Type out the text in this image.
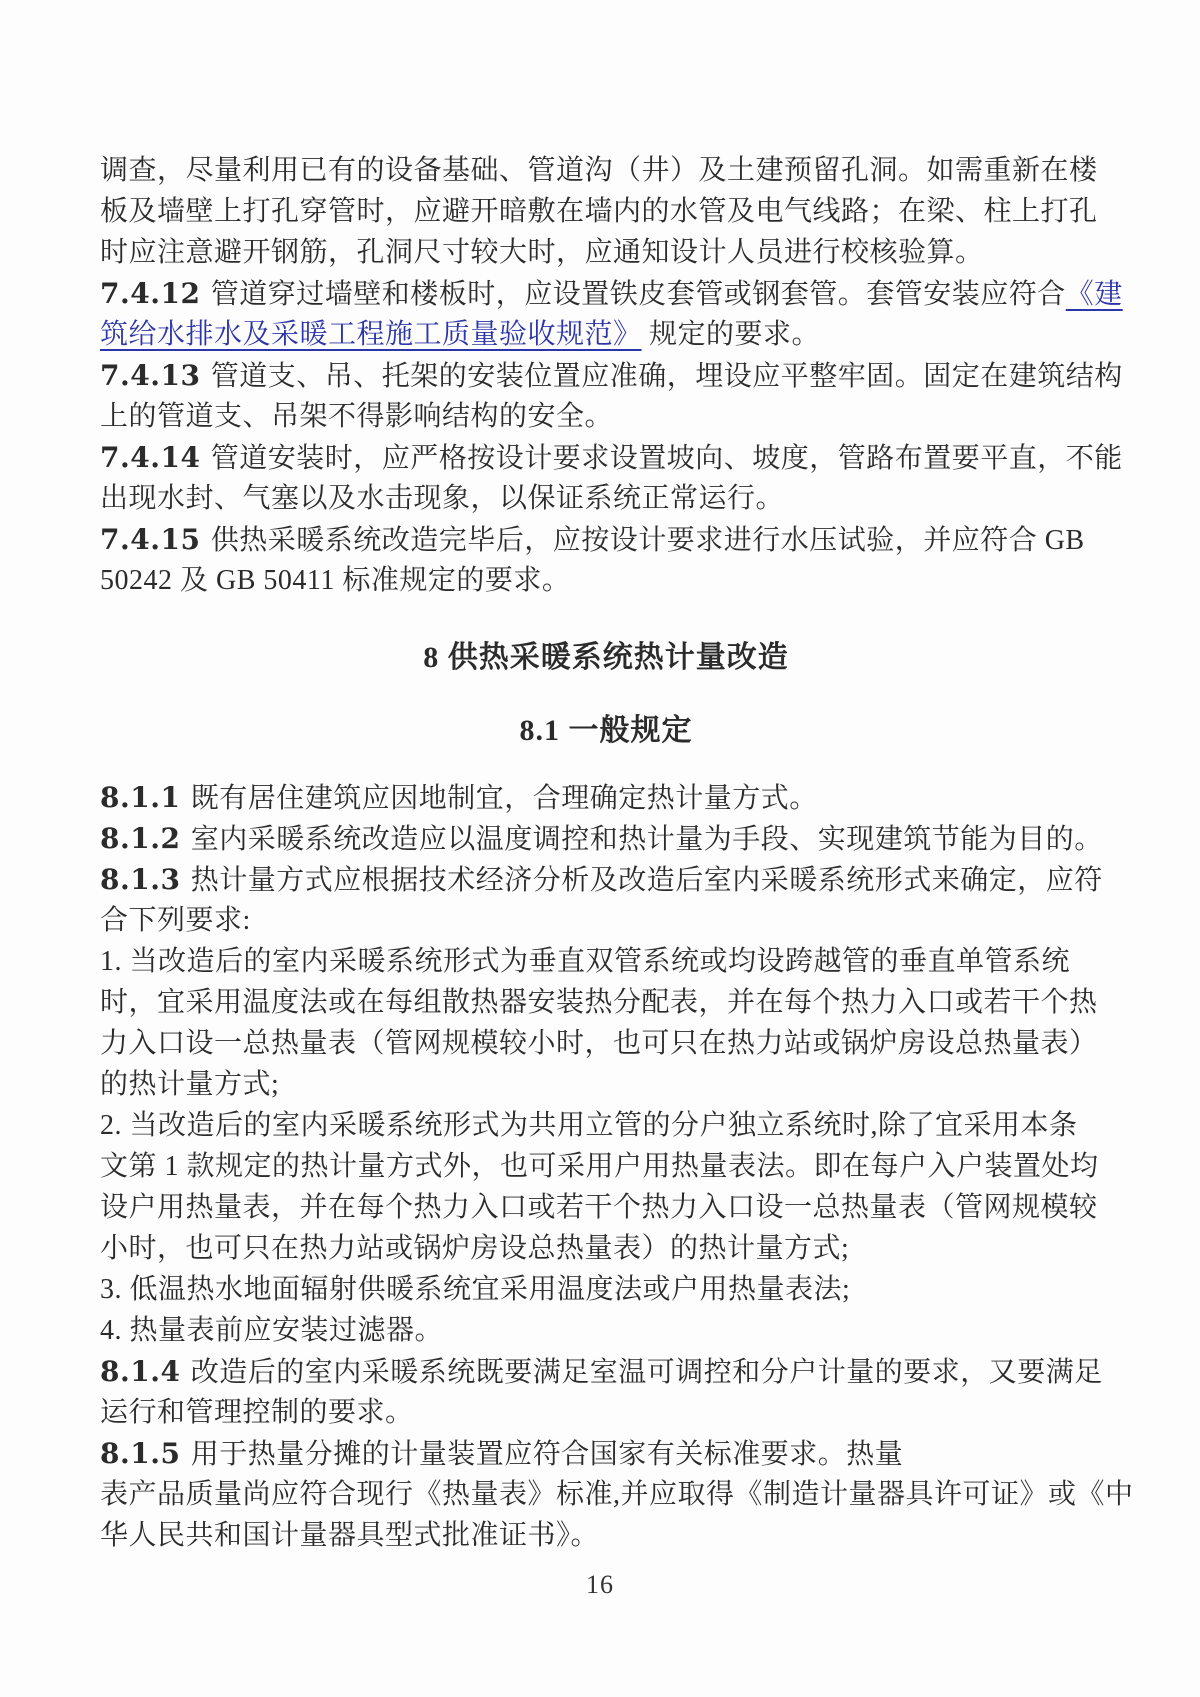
调查，尽量利用已有的设备基础、管道沟（井）及土建预留孔洞。如需重新在楼
板及墙壁上打孔穿管时，应避开暗敷在墙内的水管及电气线路；在梁、柱上打孔
时应注意避开钢筋，孔洞尺寸较大时，应通知设计人员进行校核验算。
7.4.12 管道穿过墙壁和楼板时，应设置铁皮套管或钢套管。套管安装应符合《建
筑给水排水及采暖工程施工质量验收规范》 规定的要求。
7.4.13 管道支、吊、托架的安装位置应准确，埋设应平整牢固。固定在建筑结构
上的管道支、吊架不得影响结构的安全。
7.4.14 管道安装时，应严格按设计要求设置坡向、坡度，管路布置要平直，不能
出现水封、气塞以及水击现象，以保证系统正常运行。
7.4.15 供热采暖系统改造完毕后，应按设计要求进行水压试验，并应符合 GB
50242 及 GB 50411 标准规定的要求。
8 供热采暖系统热计量改造
8.1 一般规定
8.1.1 既有居住建筑应因地制宜，合理确定热计量方式。
8.1.2 室内采暖系统改造应以温度调控和热计量为手段、实现建筑节能为目的。
8.1.3 热计量方式应根据技术经济分析及改造后室内采暖系统形式来确定，应符
合下列要求:
1. 当改造后的室内采暖系统形式为垂直双管系统或均设跨越管的垂直单管系统
时，宜采用温度法或在每组散热器安装热分配表，并在每个热力入口或若干个热
力入口设一总热量表（管网规模较小时，也可只在热力站或锅炉房设总热量表）
的热计量方式;
2. 当改造后的室内采暖系统形式为共用立管的分户独立系统时,除了宜采用本条
文第 1 款规定的热计量方式外，也可采用户用热量表法。即在每户入户装置处均
设户用热量表，并在每个热力入口或若干个热力入口设一总热量表（管网规模较
小时，也可只在热力站或锅炉房设总热量表）的热计量方式;
3. 低温热水地面辐射供暖系统宜采用温度法或户用热量表法;
4. 热量表前应安装过滤器。
8.1.4 改造后的室内采暖系统既要满足室温可调控和分户计量的要求，又要满足
运行和管理控制的要求。
8.1.5 用于热量分摊的计量装置应符合国家有关标准要求。热量
表产品质量尚应符合现行《热量表》标准,并应取得《制造计量器具许可证》或《中
华人民共和国计量器具型式批准证书》。
16
